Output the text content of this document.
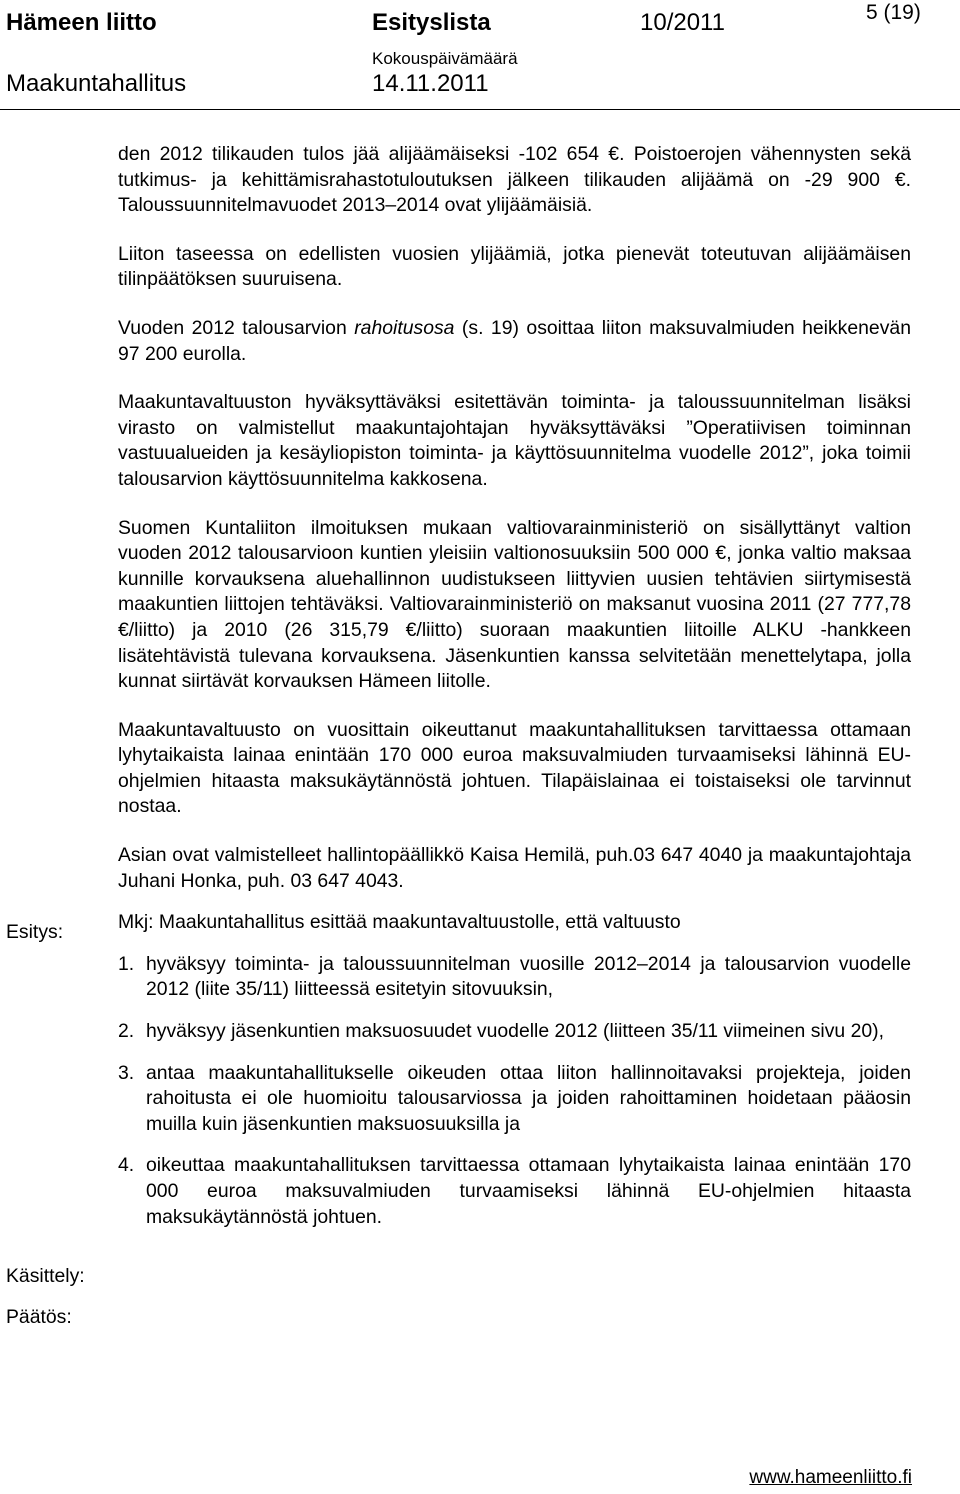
Hämeen liitto	Esityslista	10/2011	5 (19)
Maakuntahallitus
Kokouspäivämäärä
14.11.2011

den 2012 tilikauden tulos jää alijäämäiseksi -102 654 €. Poistoerojen vähennysten sekä tutkimus- ja kehittämisrahastotuloutuksen jälkeen tilikauden alijäämä on -29 900 €. Taloussuunnitelmavuodet 2013–2014 ovat ylijäämäisiä.

Liiton taseessa on edellisten vuosien ylijäämiä, jotka pienevät toteutuvan alijäämäisen tilinpäätöksen suuruisena.

Vuoden 2012 talousarvion rahoitusosa (s. 19) osoittaa liiton maksuvalmiuden heikkenevän 97 200 eurolla.

Maakuntavaltuuston hyväksyttäväksi esitettävän toiminta- ja taloussuunnitelman lisäksi virasto on valmistellut maakuntajohtajan hyväksyttäväksi ”Operatiivisen toiminnan vastuualueiden ja kesäyliopiston toiminta- ja käyttösuunnitelma vuodelle 2012”, joka toimii talousarvion käyttösuunnitelma kakkosena.

Suomen Kuntaliiton ilmoituksen mukaan valtiovarainministeriö on sisällyttänyt valtion vuoden 2012 talousarvioon kuntien yleisiin valtionosuuksiin 500 000 €, jonka valtio maksaa kunnille korvauksena aluehallinnon uudistukseen liittyvien uusien tehtävien siirtymisestä maakuntien liittojen tehtäväksi. Valtiovarainministeriö on maksanut vuosina 2011 (27 777,78 €/liitto) ja 2010 (26 315,79 €/liitto) suoraan maakuntien liitoille ALKU -hankkeen lisätehtävistä tulevana korvauksena. Jäsenkuntien kanssa selvitetään menettelytapa, jolla kunnat siirtävät korvauksen Hämeen liitolle.

Maakuntavaltuusto on vuosittain oikeuttanut maakuntahallituksen tarvittaessa ottamaan lyhytaikaista lainaa enintään 170 000 euroa maksuvalmiuden turvaamiseksi lähinnä EU-ohjelmien hitaasta maksukäytännöstä johtuen. Tilapäislainaa ei toistaiseksi ole tarvinnut nostaa.

Asian ovat valmistelleet hallintopäällikkö Kaisa Hemilä, puh.03 647 4040 ja maakuntajohtaja Juhani Honka, puh. 03 647 4043.

Mkj: Maakuntahallitus esittää maakuntavaltuustolle, että valtuusto

1. hyväksyy toiminta- ja taloussuunnitelman vuosille 2012–2014 ja talousarvion vuodelle 2012 (liite 35/11) liitteessä esitetyin sitovuuksin,
2. hyväksyy jäsenkuntien maksuosuudet vuodelle 2012 (liitteen 35/11 viimeinen sivu 20),
3. antaa maakuntahallitukselle oikeuden ottaa liiton hallinnoitavaksi projekteja, joiden rahoitusta ei ole huomioitu talousarviossa ja joiden rahoittaminen hoidetaan pääosin muilla kuin jäsenkuntien maksuosuuksilla ja
4. oikeuttaa maakuntahallituksen tarvittaessa ottamaan lyhytaikaista lainaa enintään 170 000 euroa maksuvalmiuden turvaamiseksi lähinnä EU-ohjelmien hitaasta maksukäytännöstä johtuen.
Esitys:
Käsittely:
Päätös:
www.hameenliitto.fi
